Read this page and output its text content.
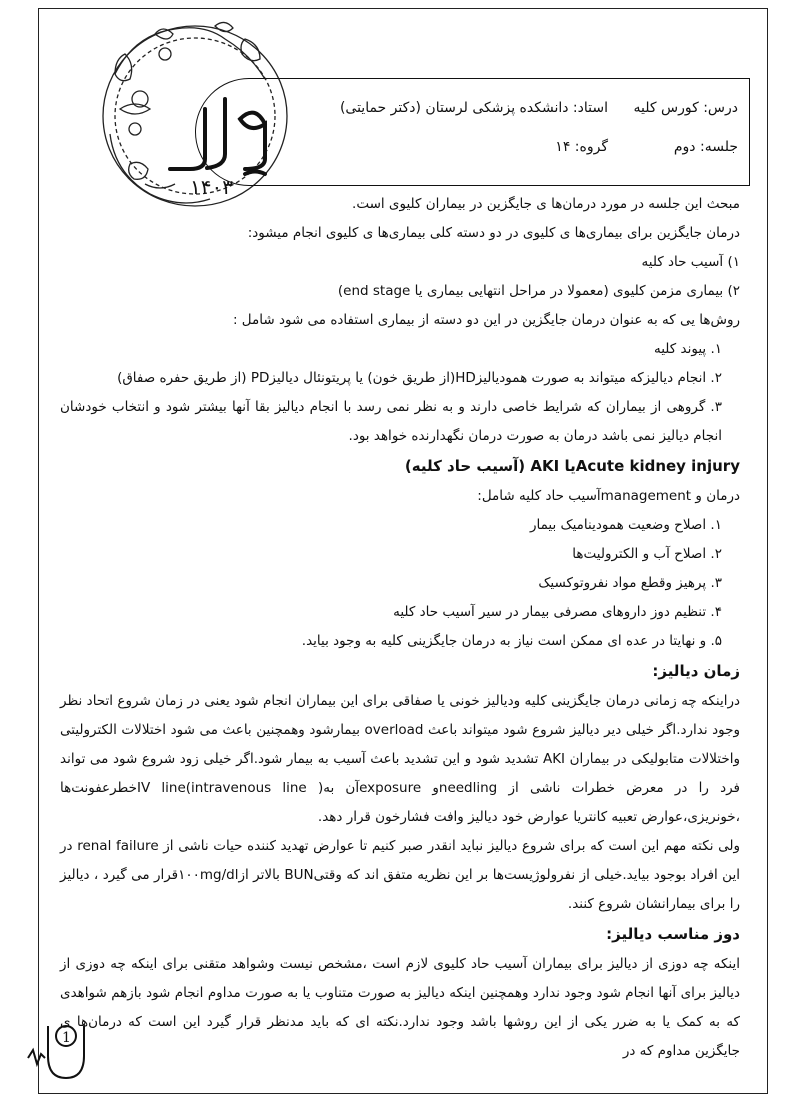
۱۴۰۳
درس: کورس کلیه
استاد: دانشکده پزشکی لرستان (دکتر حمایتی)
جلسه: دوم
گروه: ۱۴

مبحث این جلسه در مورد درمان‌ها ی جایگزین در بیماران کلیوی است.

درمان جایگزین برای بیماری‌ها ی کلیوی در دو دسته کلی بیماری‌ها ی کلیوی انجام میشود:

۱) آسیب حاد کلیه

۲) بیماری مزمن کلیوی (معمولا در مراحل انتهایی بیماری یا end stage)

روش‌ها یی که به عنوان درمان جایگزین در این دو دسته از بیماری استفاده می شود شامل :

۱. پیوند کلیه

۲. انجام دیالیزکه میتواند به صورت همودیالیزHD(از طریق خون) یا پریتونئال دیالیزPD (از طریق حفره صفاق)

۳. گروهی از بیماران که شرایط خاصی دارند و به نظر نمی رسد با انجام دیالیز بقا آنها بیشتر شود و انتخاب خودشان انجام دیالیز نمی باشد درمان به صورت درمان نگهدارنده خواهد بود.

Acute kidney injuryیا AKI (آسیب حاد کلیه)

درمان و managementآسیب حاد کلیه شامل:

۱. اصلاح وضعیت همودینامیک بیمار

۲. اصلاح آب و الکترولیت‌ها

۳. پرهیز وقطع مواد نفروتوکسیک

۴. تنظیم دوز داروهای مصرفی بیمار در سیر آسیب حاد کلیه

۵. و نهایتا در عده ای ممکن است نیاز به درمان جایگزینی کلیه به وجود بیاید.

زمان دیالیز:

دراینکه چه زمانی درمان جایگزینی کلیه ودیالیز خونی یا صفاقی برای این بیماران انجام شود یعنی در زمان شروع اتحاد نظر وجود ندارد.اگر خیلی دیر دیالیز شروع شود میتواند باعث overload بیمارشود وهمچنین باعث می شود اختلالات الکترولیتی واختلالات متابولیکی در بیماران AKI تشدید شود و این تشدید باعث آسیب به بیمار شود.اگر خیلی زود شروع شود می تواند فرد را در معرض خطرات ناشی از needlingو exposureآن به( IV line(intravenous lineخطرعفونت‌ها ،خونریزی،عوارض تعبیه کانتریا عوارض خود دیالیز وافت فشارخون قرار دهد.

ولی نکته مهم این است که برای شروع دیالیز نباید انقدر صبر کنیم تا عوارض تهدید کننده حیات ناشی از renal failure در این افراد بوجود بیاید.خیلی از نفرولوژیست‌ها بر این نظریه متفق اند که وقتیBUN بالاتر از۱۰۰mg/dlقرار می گیرد ، دیالیز را برای بیمارانشان شروع کنند.

دوز مناسب دیالیز:

اینکه چه دوزی از دیالیز برای بیماران آسیب حاد کلیوی لازم است ،مشخص نیست وشواهد متقنی برای اینکه چه دوزی از دیالیز برای آنها انجام شود وجود ندارد وهمچنین اینکه دیالیز به صورت متناوب یا به صورت مداوم انجام شود بازهم شواهدی که به کمک یا به ضرر یکی از این روشها باشد وجود ندارد.نکته ای که باید مدنظر قرار گیرد این است که درمان‌ها ی جایگزین مداوم که در

1
